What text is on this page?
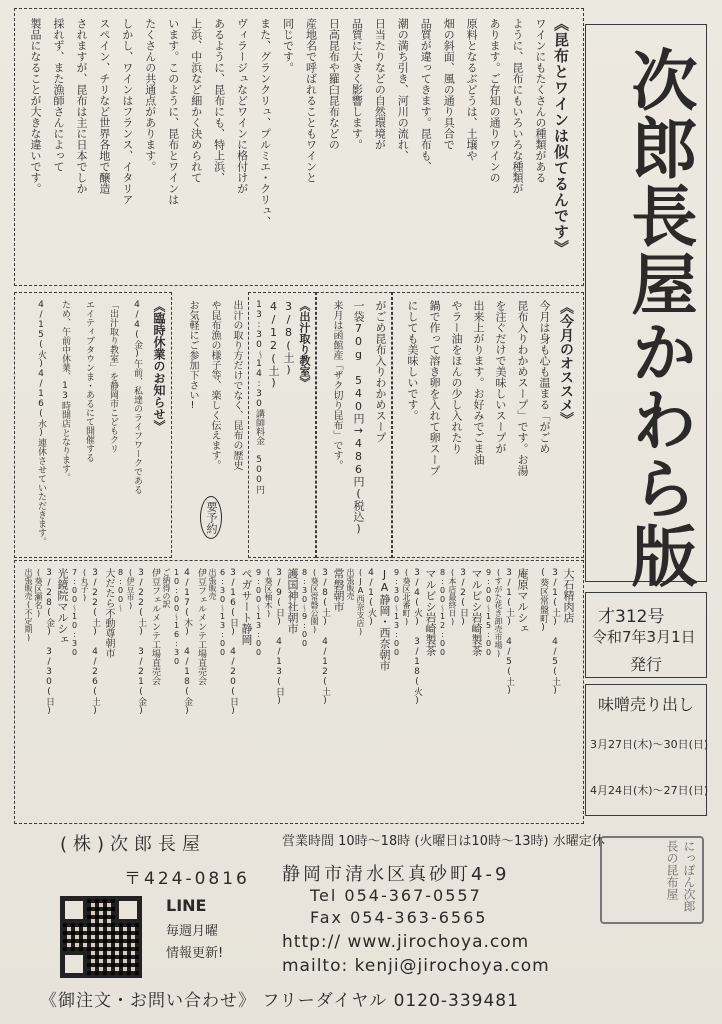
次郎長屋かわら版
才312号
令和7年3月1日
発行
味噌売り出し
3月27日(木)〜30日(日)
4月24日(木)〜27日(日)
《昆布とワインは似てるんです》
ワインにもたくさんの種類がある
ように、昆布にもいろいろな種類が
あります。ご存知の通りワインの
原料となるぶどうは、土壌や
畑の斜面、風の通り具合で
品質が違ってきます。昆布も、
潮の満ち引き、河川の流れ、
日当たりなどの自然環境が
品質に大きく影響します。
日高昆布や羅臼昆布などの
産地名で呼ばれることもワインと
同じです。
また、グランクリュ、プルミエ・クリュ、
ヴィラージュなどワインに格付けが
あるように、昆布にも、特上浜、
上浜、中浜など細かく決められて
います。このように、昆布とワインは
たくさんの共通点があります。
しかし、ワインはフランス、イタリア
スペイン、チリなど世界各地で醸造
されますが、昆布は主に日本でしか
採れず、また漁師さんによって
製品になることが大きな違いです。
《今月のオススメ》
今月は身も心も温まる「がごめ
昆布入りわかめスープ」です。お湯
を注ぐだけで美味しいスープが
出来上がります。お好みでごま油
やラー油をほんの少し入れたり
鍋で作って溶き卵を入れて卵スープ
にしても美味しいです。
がごめ昆布入りわかめスープ
一袋70g 540円→486円(税込)
来月は函館産「ザク切り昆布」です。
《出汁取り教室》
3/8(土)
4/12(土)
13:30〜14:30
講師料金 500円
出汁の取り方だけでなく、昆布の歴史
や昆布漁の様子等、楽しく伝えます。
お気軽にご参加下さい!
要予約
《臨時休業のお知らせ》
4/4(金)午前、私達のライフワークである
「出汁取り教室」を静岡市こどもクリ
エイティブタウンま・あるにて開催する
ため、午前中休業、13時開店となります。
4/15(火)4/16(水)連休させていただきます。
大石精肉店
3/1(土) 4/5(土)
(葵区常盤町)
庵原マルシェ
3/1(土) 4/5(土)
(すがた花き卸売市場)
9:00〜15:00
マルビシ岩崎製茶
3/2(日)
(本店最終日)
8:00〜12:00
マルビシ岩崎製茶
3/4(火) 3/18(火)
(葵区北番町)
9:30〜13:00
JA静岡・西奈朝市
4/1(火)
(JA西奈支店)
出張販売
常磐朝市
3/8(土) 4/12(土)
(葵区常磐公園)
8:30〜9:00
護国神社朝市
3/9(日) 4/13(日)
(葵区柚木)
9:00〜13:00
ペガサート静岡
3/16(日) 4/20(日)
6:30〜13:00
出張販売
伊豆フェルメンテ工場直売会
4/17(木) 4/18(金)
10:00〜16:30
ご納得の訳
伊豆フェルメンテ工場直売会
3/22(土) 3/21(金)
(伊豆市)
8:00〜
大だたら不動尊朝市
3/22(土) 4/26(土)
(丸子)
7:00〜10:30
光鏡院マルシェ
3/28(金) 3/30(日)
(葵区瀬名)
出張販売(不定期)
(株)次郎長屋	営業時間 10時〜18時 (火曜日は10時〜13時) 水曜定休
〒424-0816 静岡市清水区真砂町4-9
Tel 054-367-0557
Fax 054-363-6565
http:// www.jirochoya.com
mailto: kenji@jirochoya.com
《御注文・お問い合わせ》 フリーダイヤル 0120-339481
LINE
毎週月曜
情報更新!
にっぽん次郎長の昆布屋
